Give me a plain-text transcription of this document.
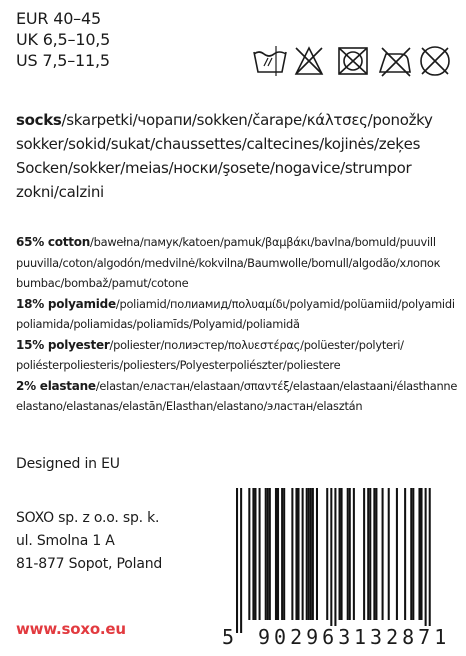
EUR 40–45
UK 6,5–10,5
US 7,5–11,5
socks/skarpetki/чорапи/sokken/čarape/κάλτσες/ponožky sokker/sokid/sukat/chaussettes/caltecines/kojinės/zeķes Socken/sokker/meias/носки/şosete/nogavice/strumpor zokni/calzini
65% cotton/bawełna/памук/katoen/pamuk/βαμβάκι/bavlna/bomuld/puuvill puuvilla/coton/algodón/medvilnė/kokvilna/Baumwolle/bomull/algodão/хлопок bumbac/bombaž/pamut/cotone
18% polyamide/poliamid/полиамид/πολυαμίδι/polyamid/polüamiid/polyamidi poliamida/poliamidas/poliamīds/Polyamid/poliamidă
15% polyester/poliester/полиэстер/πολυεστέρας/polüester/polyteri/ poliésterpoliesteris/poliesters/Polyesterpoliészter/poliestere
2% elastane/elastan/еластан/elastaan/σπαντέξ/elastaan/elastaani/élasthanne elastano/elastanas/elastān/Elasthan/elastano/эластан/elasztán
Designed in EU
SOXO sp. z o.o. sp. k.
ul. Smolna 1 A
81-877 Sopot, Poland
www.soxo.eu	5 902963 132871
